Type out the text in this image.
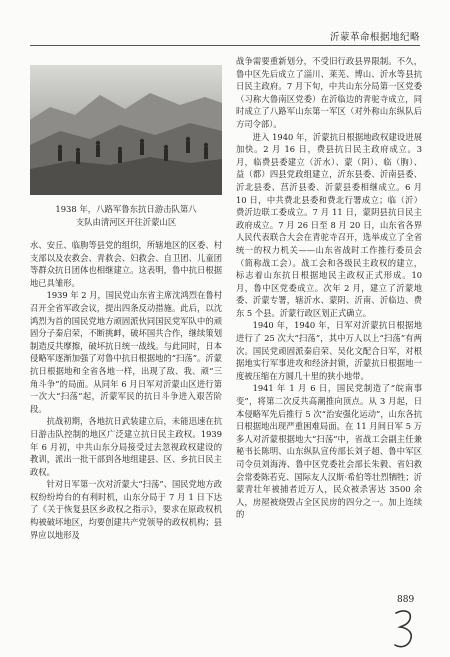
沂蒙革命根据地纪略
1938 年，八路军鲁东抗日游击队第八
支队由清河区开往沂蒙山区

水、安丘、临朐等县党的组织，所辖地区的区委、村支部以及农救会、青救会、妇救会、自卫团、儿童团等群众抗日团体也相继建立。这表明，鲁中抗日根据地已具雏形。

1939 年 2 月，国民党山东省主席沈鸿烈在鲁村召开全省军政会议，提出四条反动措施。此后，以沈鸿烈为首的国民党地方顽固派伙同国民党军队中的顽固分子秦启荣，不断挑衅，破坏国共合作，继续策划制造反共摩擦，破坏抗日统一战线。与此同时，日本侵略军逐渐加强了对鲁中抗日根据地的“扫荡”。沂蒙抗日根据地和全省各地一样，出现了敌、我、顽“三角斗争”的局面。从同年 6 月日军对沂蒙山区进行第一次大“扫荡”起，沂蒙军民的抗日斗争进入艰苦阶段。

抗战初期，各地抗日武装建立后，未能迅速在抗日游击队控制的地区广泛建立抗日民主政权。1939 年 6 月初，中共山东分局接受过去忽视政权建设的教训，派出一批干部到各地组建县、区、乡抗日民主政权。

针对日军第一次对沂蒙大“扫荡”、国民党地方政权纷纷垮台的有利时机，山东分局于 7 月 1 日下达了《关于恢复县区乡政权之指示》，要求在原政权机构被破坏地区，均要创建共产党领导的政权机构；县界应以地形及

战争需要重新划分，不受旧行政县界限制。不久，鲁中区先后成立了淄川、莱芜、博山、沂水等县抗日民主政府。7 月下旬，中共山东分局第一区党委（习称大鲁南区党委）在沂临边的青驼寺成立，同时成立了八路军山东第一军区（对外称山东纵队后方司令部）。

进入 1940 年，沂蒙抗日根据地政权建设进展加快。2 月 16 日，费县抗日民主政府成立。3 月，临费县委建立（沂水）、蒙（阴）、临（朐）、益（都）四县党政组建立，沂东县委、沂南县委、沂北县委、莒沂县委、沂蒙县委相继成立。6 月 10 日，中共费北县委和费北行署成立；临（沂）费沂边联工委成立。7 月 11 日，蒙阴县抗日民主政府成立。7 月 26 日至 8 月 20 日，山东省各界人民代表联合大会在青驼寺召开，选举成立了全省统一的权力机关——山东省战时工作推行委员会（简称战工会）。战工会和各级民主政权的建立，标志着山东抗日根据地民主政权正式形成。10 月，鲁中区党委成立。次年 2 月，建立了沂蒙地委、沂蒙专署，辖沂水、蒙阴、沂南、沂临边、费东 5 个县。沂蒙行政区划正式确立。

1940 年，1940 年，日军对沂蒙抗日根据地进行了 25 次大“扫荡”，其中万人以上“扫荡”有两次。国民党顽固派秦启荣、吴化文配合日军，对根据地实行军事进攻和经济封锁，沂蒙抗日根据地一度被压缩在方圆几十里的狭小地带。

1941 年 1 月 6 日，国民党制造了“皖南事变”，将第二次反共高潮推向顶点。从 3 月起，日本侵略军先后推行 5 次“治安强化运动”，山东各抗日根据地出现严重困难局面。在 11 月间日军 5 万多人对沂蒙根据地大“扫荡”中，省战工会副主任兼秘书长陈明、山东纵队宣传部长刘子超、鲁中军区司令员刘海涛、鲁中区党委社会部长朱毅、省妇救会常委陈若克、国际友人汉斯·希伯等壮烈牺牲；沂蒙青壮年被捕者近万人，民众被杀害达 3500 余人，房屋被烧毁占全区民房的四分之一。加上连续的

889
